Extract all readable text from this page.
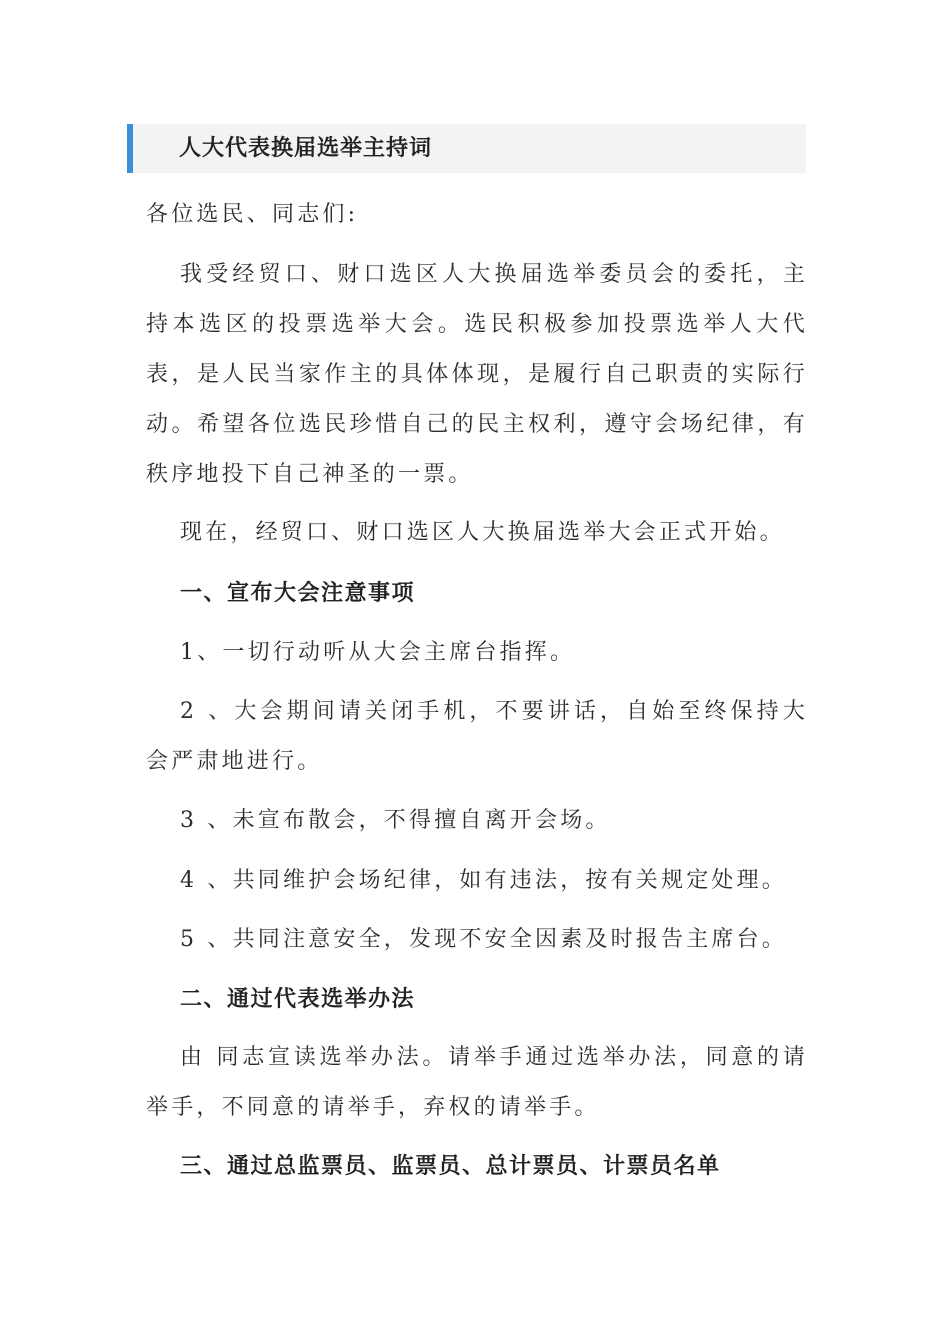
人大代表换届选举主持词

各位选民、同志们:

我受经贸口、财口选区人大换届选举委员会的委托，主持本选区的投票选举大会。选民积极参加投票选举人大代表，是人民当家作主的具体体现，是履行自己职责的实际行动。希望各位选民珍惜自己的民主权利，遵守会场纪律，有秩序地投下自己神圣的一票。

现在，经贸口、财口选区人大换届选举大会正式开始。

一、宣布大会注意事项

1、一切行动听从大会主席台指挥。

2 、大会期间请关闭手机，不要讲话，自始至终保持大会严肃地进行。

3 、未宣布散会，不得擅自离开会场。

4 、共同维护会场纪律，如有违法，按有关规定处理。

5 、共同注意安全，发现不安全因素及时报告主席台。

二、通过代表选举办法

由 同志宣读选举办法。请举手通过选举办法，同意的请举手，不同意的请举手，弃权的请举手。

三、通过总监票员、监票员、总计票员、计票员名单
